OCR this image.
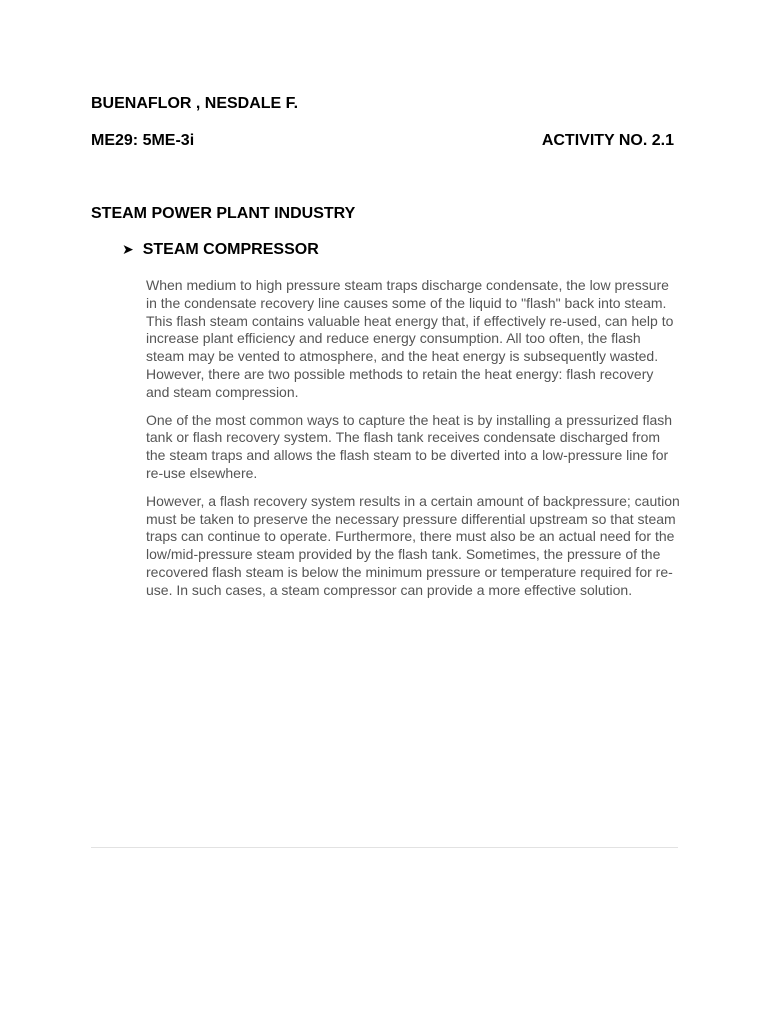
BUENAFLOR , NESDALE F.

ME29: 5ME-3i	ACTIVITY NO. 2.1

STEAM POWER PLANT INDUSTRY

➤ STEAM COMPRESSOR

When medium to high pressure steam traps discharge condensate, the low pressure in the condensate recovery line causes some of the liquid to "flash" back into steam. This flash steam contains valuable heat energy that, if effectively re-used, can help to increase plant efficiency and reduce energy consumption. All too often, the flash steam may be vented to atmosphere, and the heat energy is subsequently wasted. However, there are two possible methods to retain the heat energy: flash recovery and steam compression.

One of the most common ways to capture the heat is by installing a pressurized flash tank or flash recovery system. The flash tank receives condensate discharged from the steam traps and allows the flash steam to be diverted into a low-pressure line for re-use elsewhere.

However, a flash recovery system results in a certain amount of backpressure; caution must be taken to preserve the necessary pressure differential upstream so that steam traps can continue to operate. Furthermore, there must also be an actual need for the low/mid-pressure steam provided by the flash tank. Sometimes, the pressure of the recovered flash steam is below the minimum pressure or temperature required for re-use. In such cases, a steam compressor can provide a more effective solution.
